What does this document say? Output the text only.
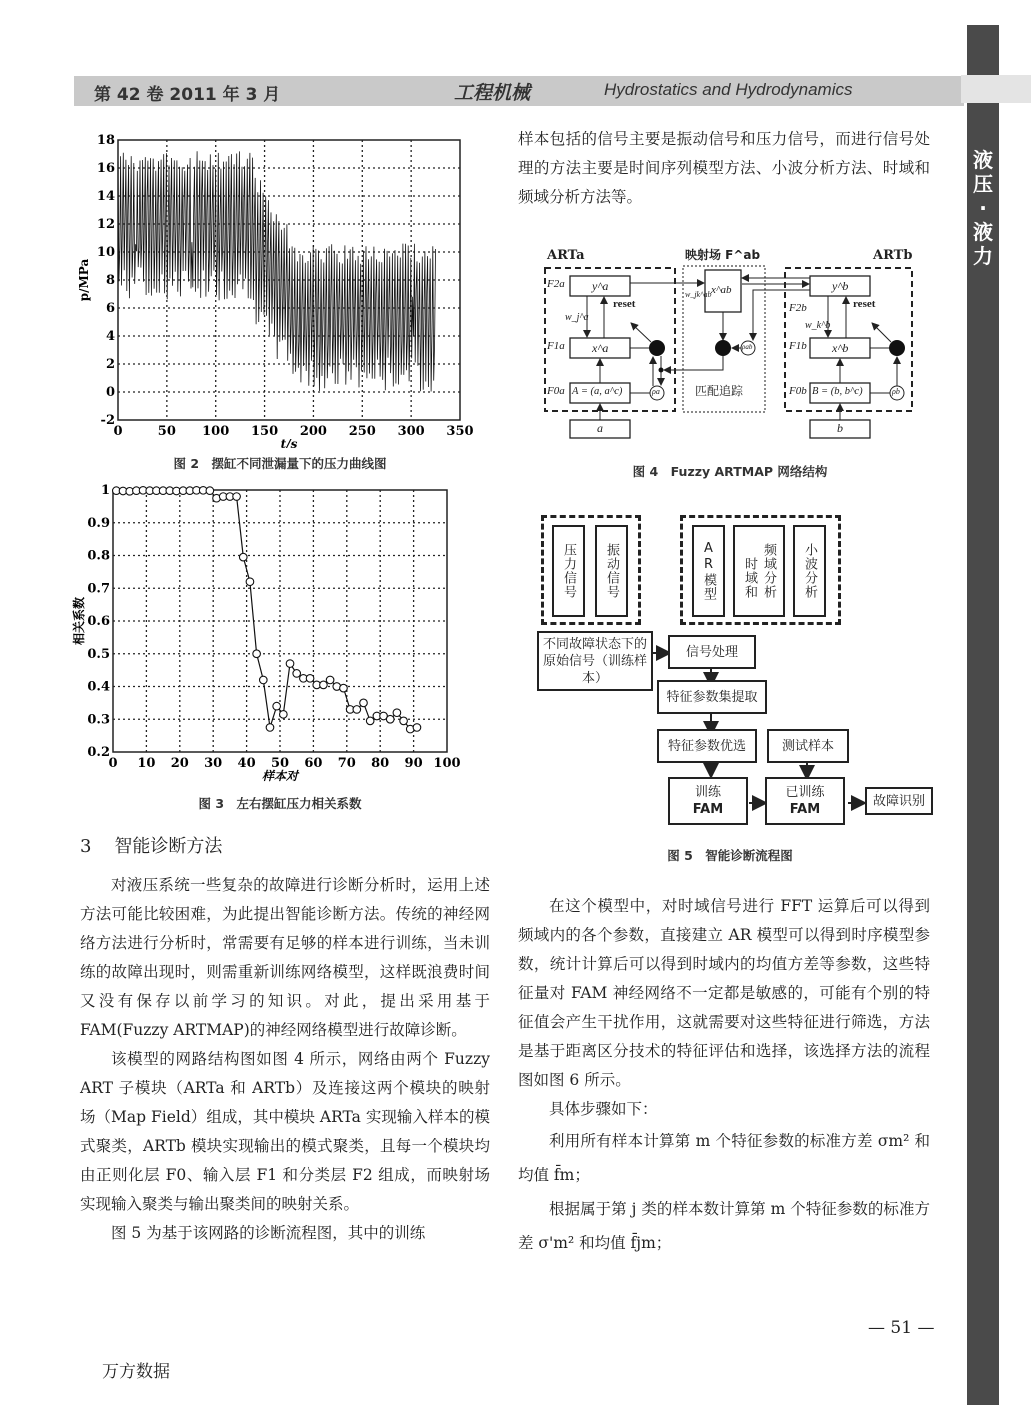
第 42 卷 2011 年 3 月	工程机械	Hydrostatics and Hydrodynamics
液压·液力
0	50 100 150 200 250 300 350
-2
0
2
4
6
8
10
12
14
16
18
t/s
p/MPa
图 2　摆缸不同泄漏量下的压力曲线图
0 10 20 30 40 50 60 70 80 90 100
0.2
0.3
0.4
0.5
0.6
0.7
0.8
0.9
1
样本对
相关系数
图 3　左右摆缸压力相关系数
3 智能诊断方法

对液压系统一些复杂的故障进行诊断分析时，运用上述方法可能比较困难，为此提出智能诊断方法。传统的神经网络方法进行分析时，常需要有足够的样本进行训练，当未训练的故障出现时，则需重新训练网络模型，这样既浪费时间又没有保存以前学习的知识。对此，提出采用基于 FAM(Fuzzy ARTMAP)的神经网络模型进行故障诊断。

该模型的网路结构图如图 4 所示，网络由两个 Fuzzy ART 子模块（ARTa 和 ARTb）及连接这两个模块的映射场（Map Field）组成，其中模块 ARTa 实现输入样本的模式聚类，ARTb 模块实现输出的模式聚类，且每一个模块均由正则化层 F0、输入层 F1 和分类层 F2 组成，而映射场实现输入聚类与输出聚类间的映射关系。

图 5 为基于该网路的诊断流程图，其中的训练

样本包括的信号主要是振动信号和压力信号，而进行信号处理的方法主要是时间序列模型方法、小波分析方法、时域和频域分析方法等。

ARTa	映射场 F^ab	ARTb
F2a
F1a
F0a
y^a
x^a
A = (a, a^c)
a
w_j^a
reset
ρa
x^ab
w_jk^ab
ρab
匹配追踪
F2b
F1b
F0b
y^b
x^b
B = (b, b^c)
b
w_k^b
reset
ρb
图 4　Fuzzy ARTMAP 网络结构
压力信号	振动信号	AR模型	时域和 频域分析	小波分析
不同故障状态下的原始信号（训练样本）
信号处理
特征参数集提取
特征参数优选	测试样本
训练
FAM
已训练
FAM
故障识别
图 5　智能诊断流程图

在这个模型中，对时域信号进行 FFT 运算后可以得到频域内的各个参数，直接建立 AR 模型可以得到时序模型参数，统计计算后可以得到时域内的均值方差等参数，这些特征量对 FAM 神经网络不一定都是敏感的，可能有个别的特征值会产生干扰作用，这就需要对这些特征进行筛选，方法是基于距离区分技术的特征评估和选择，该选择方法的流程图如图 6 所示。

具体步骤如下：

利用所有样本计算第 m 个特征参数的标准方差 σm² 和均值 f̄m；

根据属于第 j 类的样本数计算第 m 个特征参数的标准方差 σ'm² 和均值 f̄jm；

— 51 —
万方数据
